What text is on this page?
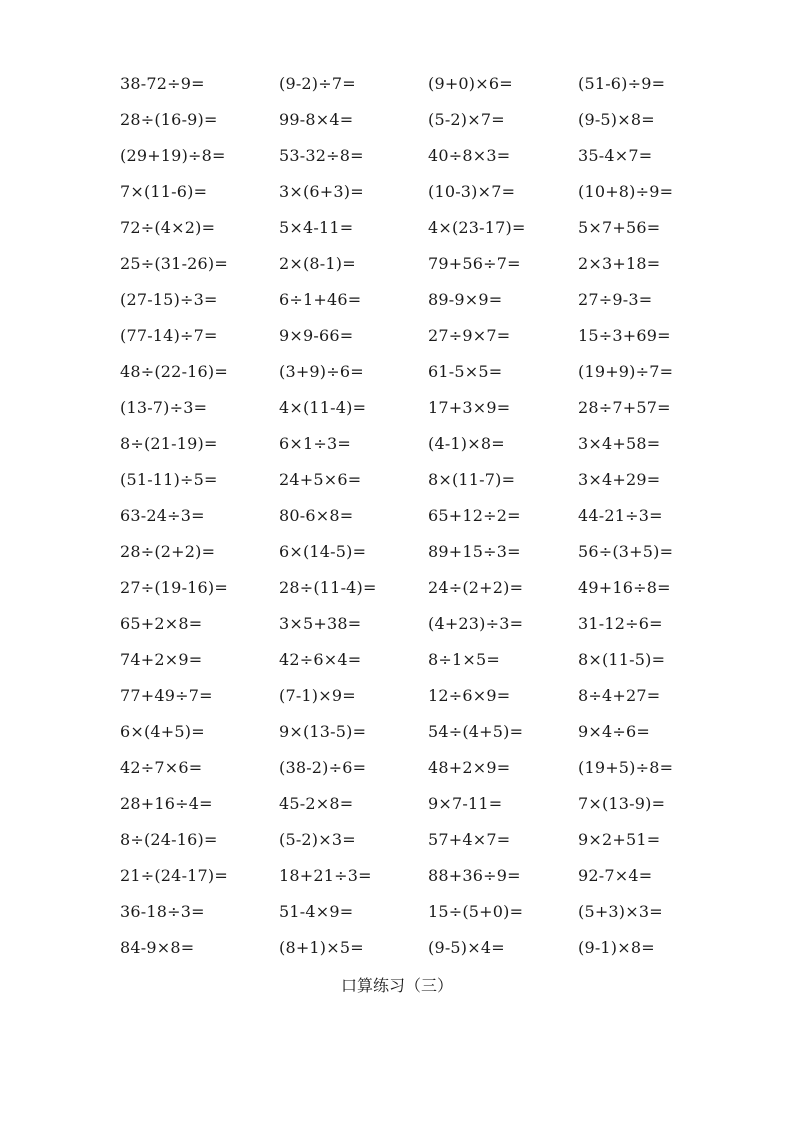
38-72÷9=	(9-2)÷7=	(9+0)×6=	(51-6)÷9=
28÷(16-9)=	99-8×4=	(5-2)×7=	(9-5)×8=
(29+19)÷8=	53-32÷8=	40÷8×3=	35-4×7=
7×(11-6)=	3×(6+3)=	(10-3)×7=	(10+8)÷9=
72÷(4×2)=	5×4-11=	4×(23-17)=	5×7+56=
25÷(31-26)=	2×(8-1)=	79+56÷7=	2×3+18=
(27-15)÷3=	6÷1+46=	89-9×9=	27÷9-3=
(77-14)÷7=	9×9-66=	27÷9×7=	15÷3+69=
48÷(22-16)=	(3+9)÷6=	61-5×5=	(19+9)÷7=
(13-7)÷3=	4×(11-4)=	17+3×9=	28÷7+57=
8÷(21-19)=	6×1÷3=	(4-1)×8=	3×4+58=
(51-11)÷5=	24+5×6=	8×(11-7)=	3×4+29=
63-24÷3=	80-6×8=	65+12÷2=	44-21÷3=
28÷(2+2)=	6×(14-5)=	89+15÷3=	56÷(3+5)=
27÷(19-16)=	28÷(11-4)=	24÷(2+2)=	49+16÷8=
65+2×8=	3×5+38=	(4+23)÷3=	31-12÷6=
74+2×9=	42÷6×4=	8÷1×5=	8×(11-5)=
77+49÷7=	(7-1)×9=	12÷6×9=	8÷4+27=
6×(4+5)=	9×(13-5)=	54÷(4+5)=	9×4÷6=
42÷7×6=	(38-2)÷6=	48+2×9=	(19+5)÷8=
28+16÷4=	45-2×8=	9×7-11=	7×(13-9)=
8÷(24-16)=	(5-2)×3=	57+4×7=	9×2+51=
21÷(24-17)=	18+21÷3=	88+36÷9=	92-7×4=
36-18÷3=	51-4×9=	15÷(5+0)=	(5+3)×3=
84-9×8=	(8+1)×5=	(9-5)×4=	(9-1)×8=
口算练习（三）
